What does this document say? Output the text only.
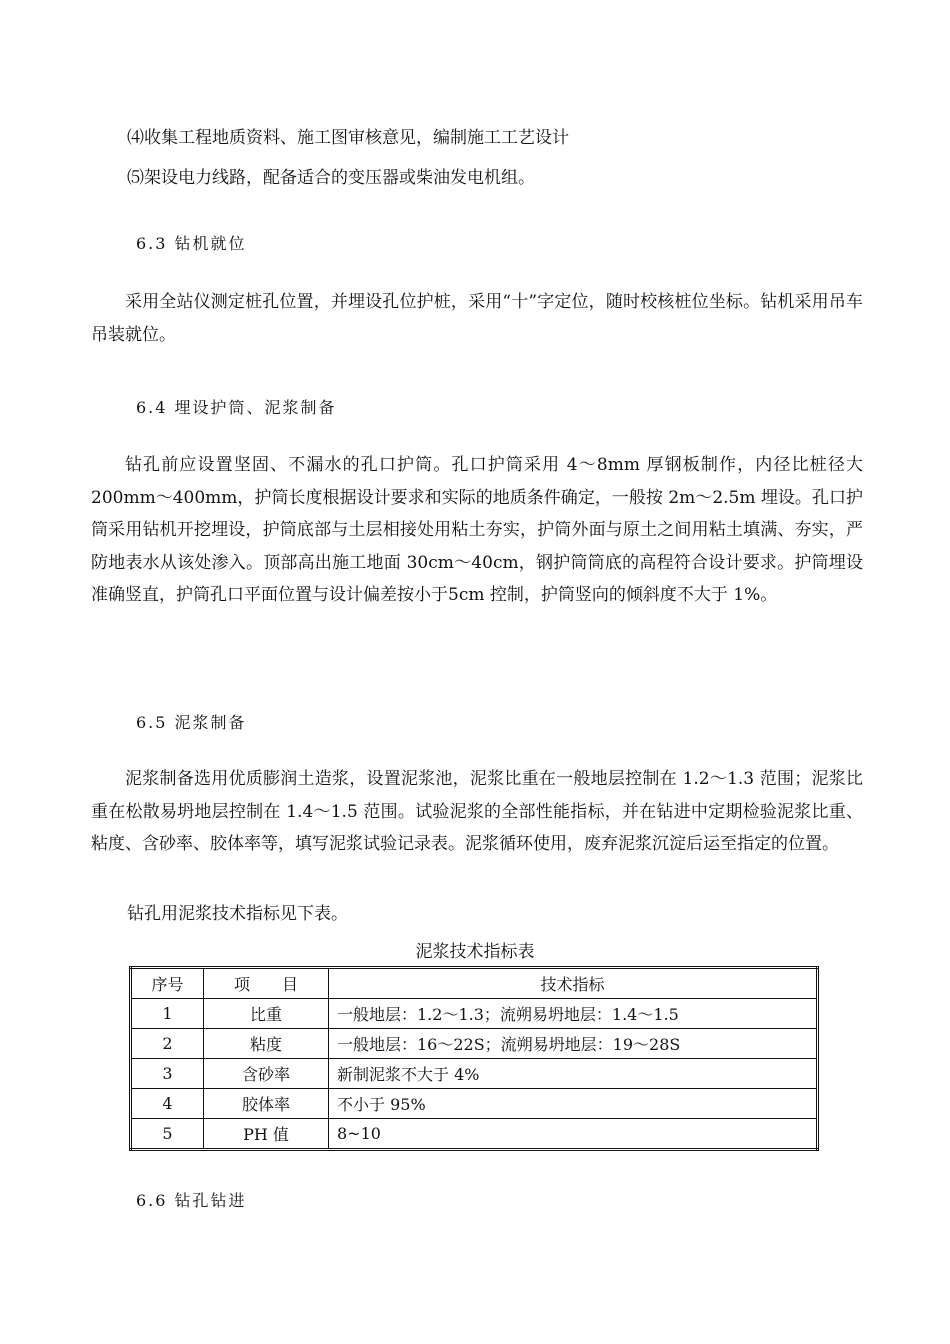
⑷收集工程地质资料、施工图审核意见，编制施工工艺设计
⑸架设电力线路，配备适合的变压器或柴油发电机组。
6.3 钻机就位
采用全站仪测定桩孔位置，并埋设孔位护桩，采用“十”字定位，随时校核桩位坐标。钻机采用吊车吊装就位。
6.4 埋设护筒、泥浆制备
钻孔前应设置坚固、不漏水的孔口护筒。孔口护筒采用 4～8mm 厚钢板制作，内径比桩径大 200mm～400mm，护筒长度根据设计要求和实际的地质条件确定，一般按 2m～2.5m 埋设。孔口护筒采用钻机开挖埋设，护筒底部与土层相接处用粘土夯实，护筒外面与原土之间用粘土填满、夯实，严防地表水从该处渗入。顶部高出施工地面 30cm～40cm，钢护筒筒底的高程符合设计要求。护筒埋设准确竖直，护筒孔口平面位置与设计偏差按小于5cm 控制，护筒竖向的倾斜度不大于 1%。
6.5 泥浆制备
泥浆制备选用优质膨润土造浆，设置泥浆池，泥浆比重在一般地层控制在 1.2～1.3 范围；泥浆比重在松散易坍地层控制在 1.4～1.5 范围。试验泥浆的全部性能指标，并在钻进中定期检验泥浆比重、粘度、含砂率、胶体率等，填写泥浆试验记录表。泥浆循环使用，废弃泥浆沉淀后运至指定的位置。
钻孔用泥浆技术指标见下表。
泥浆技术指标表
序号	项　　目	技术指标
1	比重	一般地层：1.2～1.3；流朔易坍地层：1.4～1.5
2	粘度	一般地层：16～22S；流朔易坍地层：19～28S
3	含砂率	新制泥浆不大于 4%
4	胶体率	不小于 95%
5	PH 值	8~10
6.6 钻孔钻进
